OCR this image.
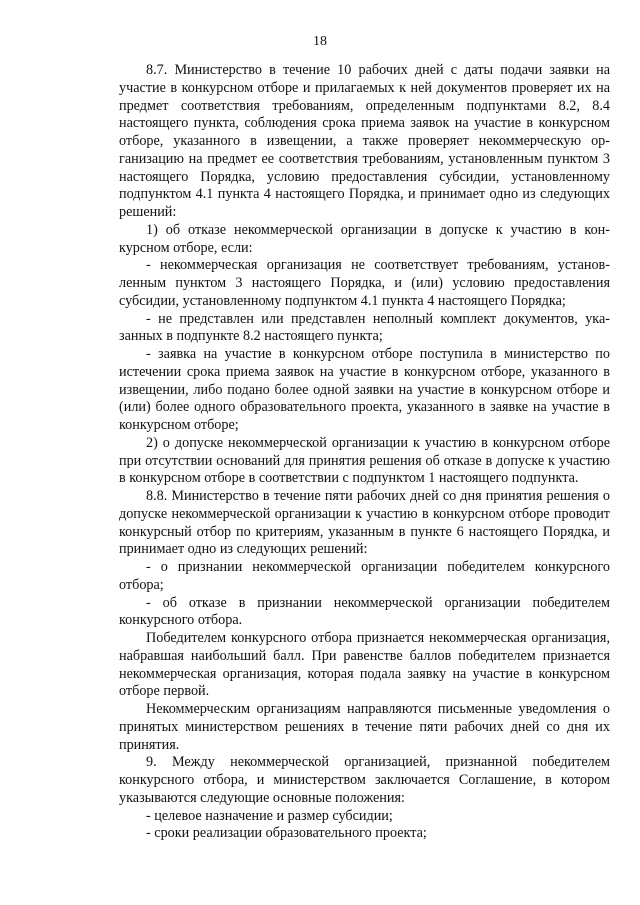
18

8.7. Министерство в течение 10 рабочих дней с даты подачи заявки на участие в конкурсном отборе и прилагаемых к ней документов проверяет их на предмет соответствия требованиям, определенным подпунктами 8.2, 8.4 настоящего пункта, соблюдения срока приема заявок на участие в конкурсном отборе, указанного в извещении, а также проверяет некоммерческую организацию на предмет ее соответствия требованиям, установленным пунктом 3 настоящего Порядка, условию предоставления субсидии, установленному подпунктом 4.1 пункта 4 настоящего Порядка, и принимает одно из следующих решений:

1) об отказе некоммерческой организации в допуске к участию в конкурсном отборе, если:

- некоммерческая организация не соответствует требованиям, установленным пунктом 3 настоящего Порядка, и (или) условию предоставления субсидии, установленному подпунктом 4.1 пункта 4 настоящего Порядка;

- не представлен или представлен неполный комплект документов, указанных в подпункте 8.2 настоящего пункта;

- заявка на участие в конкурсном отборе поступила в министерство по истечении срока приема заявок на участие в конкурсном отборе, указанного в извещении, либо подано более одной заявки на участие в конкурсном отборе и (или) более одного образовательного проекта, указанного в заявке на участие в конкурсном отборе;

2) о допуске некоммерческой организации к участию в конкурсном отборе при отсутствии оснований для принятия решения об отказе в допуске к участию в конкурсном отборе в соответствии с подпунктом 1 настоящего подпункта.

8.8. Министерство в течение пяти рабочих дней со дня принятия решения о допуске некоммерческой организации к участию в конкурсном отборе проводит конкурсный отбор по критериям, указанным в пункте 6 настоящего Порядка, и принимает одно из следующих решений:

- о признании некоммерческой организации победителем конкурсного отбора;

- об отказе в признании некоммерческой организации победителем конкурсного отбора.

Победителем конкурсного отбора признается некоммерческая организация, набравшая наибольший балл. При равенстве баллов победителем признается некоммерческая организация, которая подала заявку на участие в конкурсном отборе первой.

Некоммерческим организациям направляются письменные уведомления о принятых министерством решениях в течение пяти рабочих дней со дня их принятия.

9. Между некоммерческой организацией, признанной победителем конкурсного отбора, и министерством заключается Соглашение, в котором указываются следующие основные положения:

- целевое назначение и размер субсидии;

- сроки реализации образовательного проекта;
